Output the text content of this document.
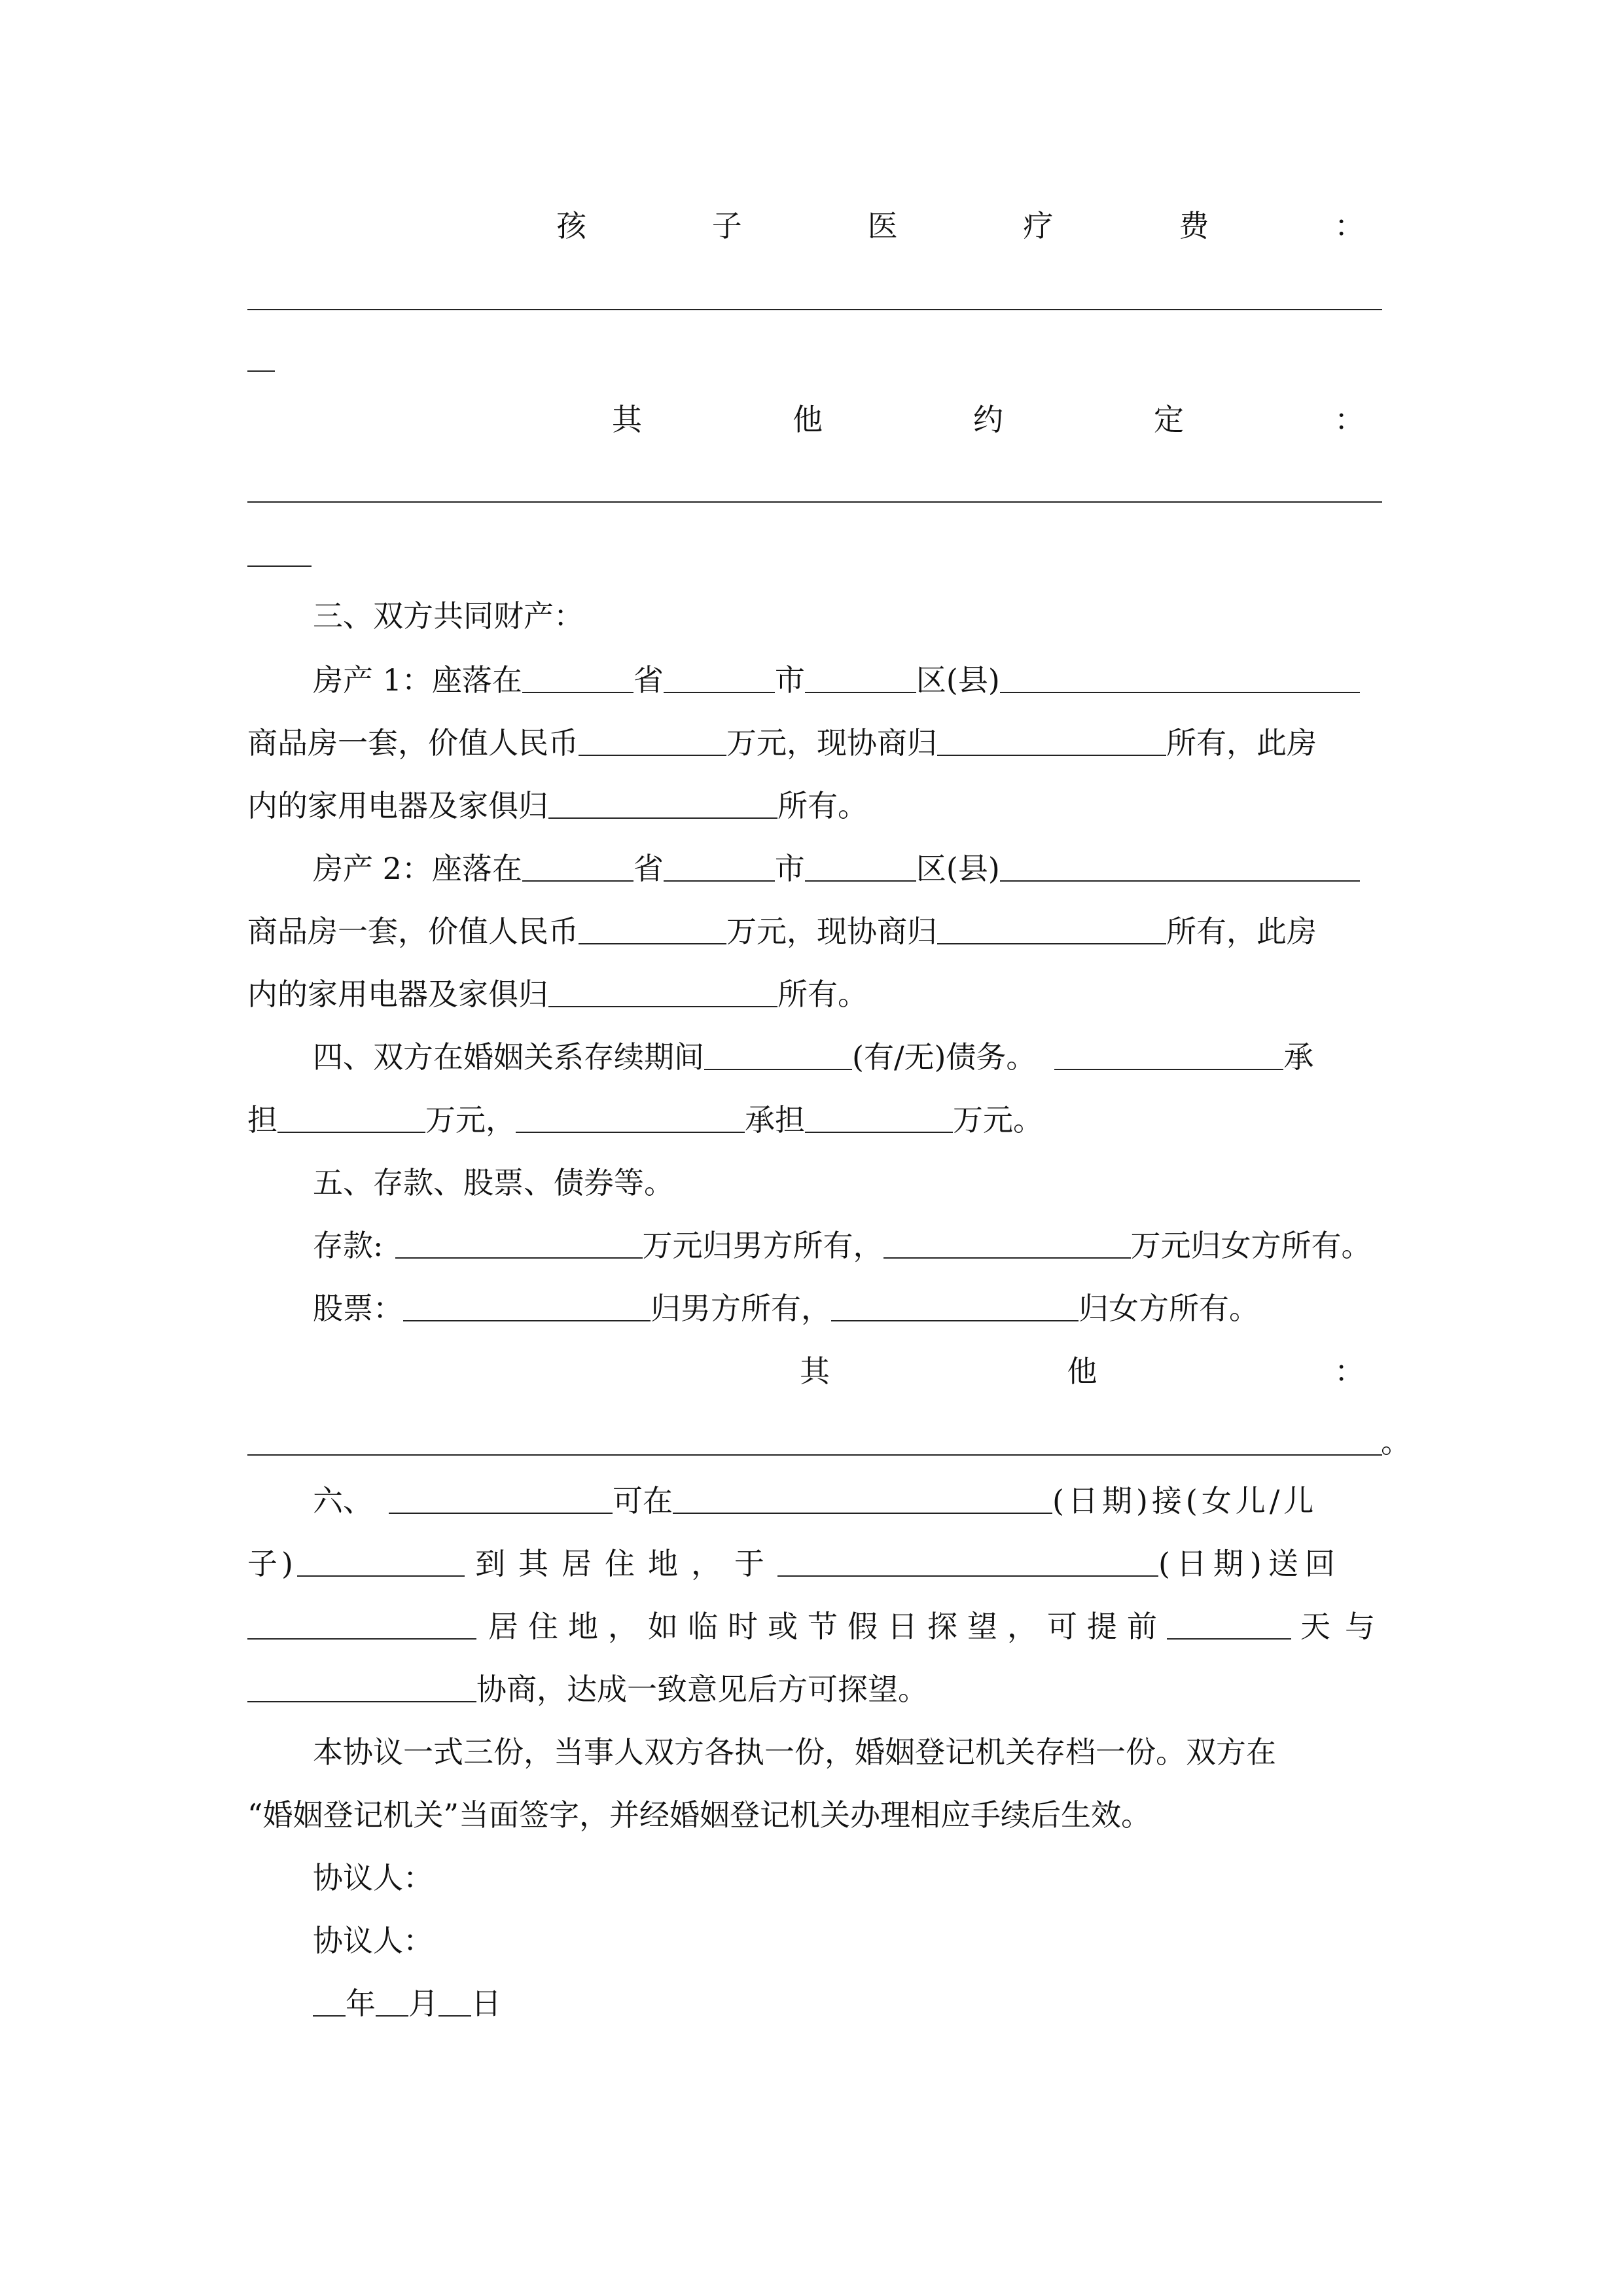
孩	子	医	疗	费	：
其	他	约	定	：
三、双方共同财产：
房产 1：座落在	省	市	区(县)
商品房一套，价值人民币	万元，现协商归	所有，此房
内的家用电器及家俱归	所有。
房产 2：座落在	省	市	区(县)
商品房一套，价值人民币	万元，现协商归	所有，此房
内的家用电器及家俱归	所有。
四、双方在婚姻关系存续期间	(有/无)债务。	承
担	万元，	承担	万元。
五、存款、股票、债券等。
存款:	万元归男方所有，	万元归女方所有。
股票：	归男方所有，	归女方所有。
其	他	：
。
六、	可在	(日期)接(女儿/儿
子)	到其居住地，于	(日期)送回
居住地，如临时或节假日探望，可提前	天与
协商，达成一致意见后方可探望。
本协议一式三份，当事人双方各执一份，婚姻登记机关存档一份。双方在
“婚姻登记机关”当面签字，并经婚姻登记机关办理相应手续后生效。
协议人：
协议人：
年 月 日
